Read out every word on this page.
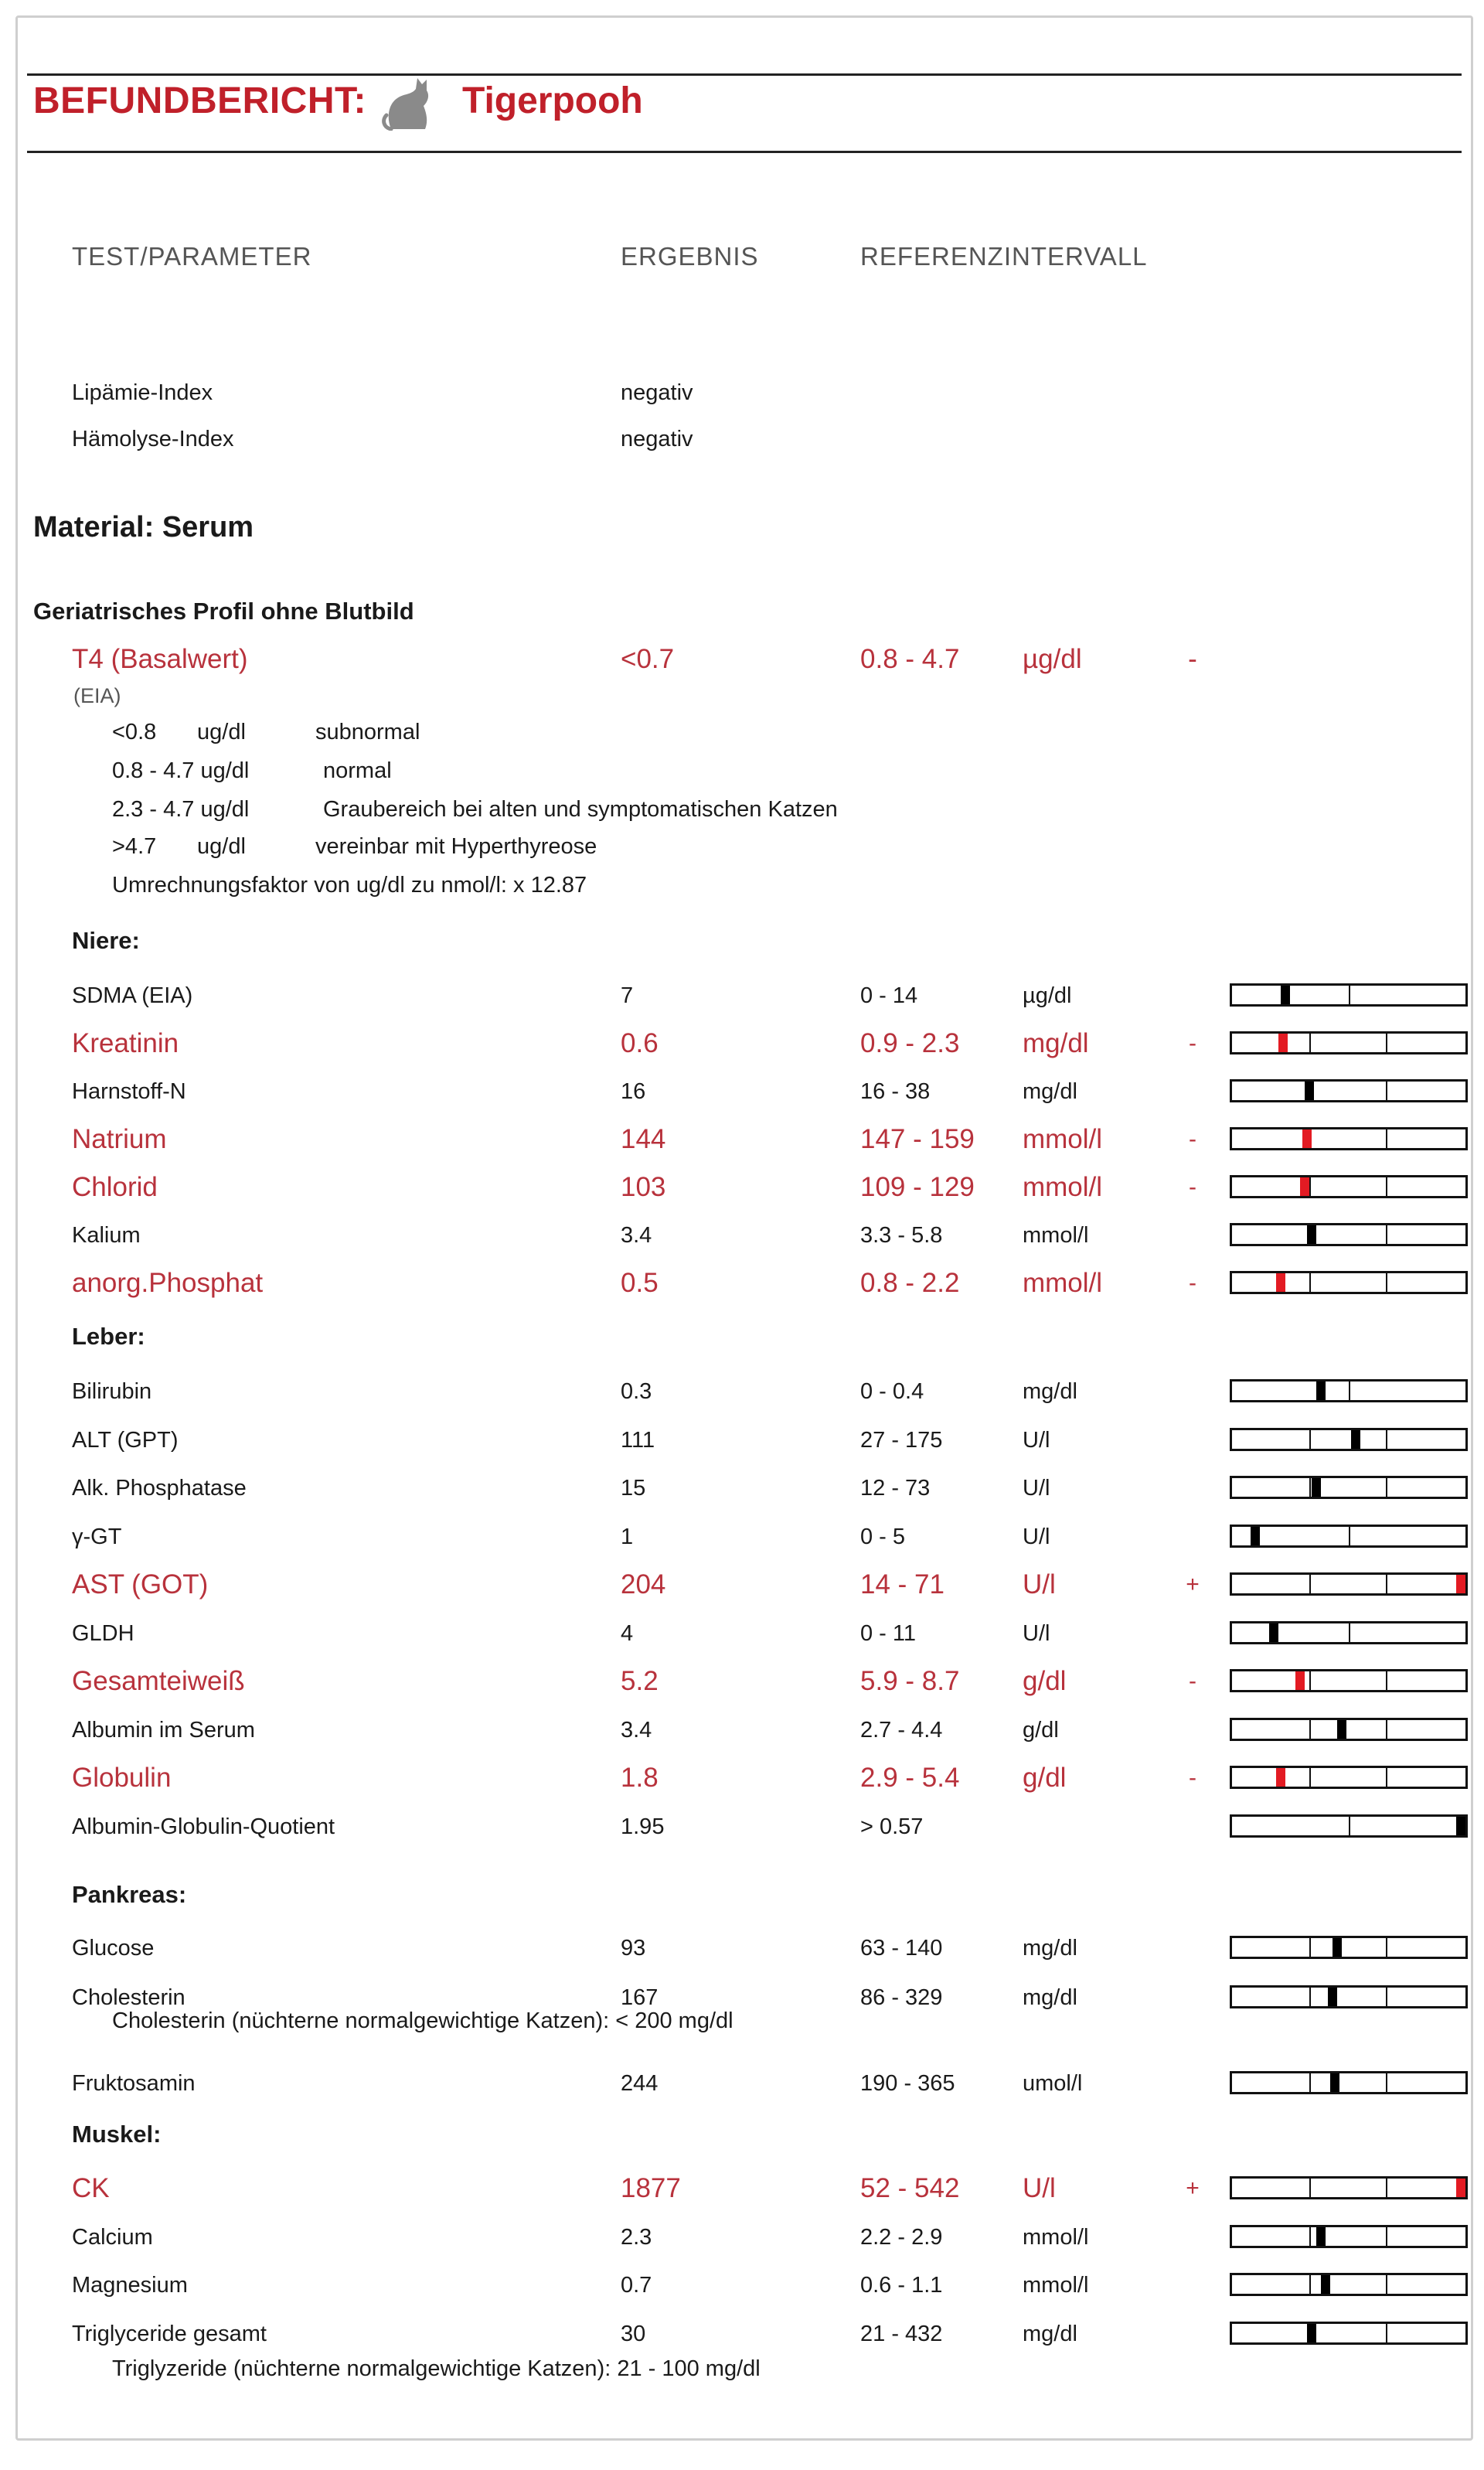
BEFUNDBERICHT:	Tigerpooh
TEST/PARAMETER	ERGEBNIS	REFERENZINTERVALL
Lipämie-Index	negativ
Hämolyse-Index	negativ
Material: Serum
Geriatrisches Profil ohne Blutbild
T4 (Basalwert)	<0.7	0.8 - 4.7 µg/dl	-
(EIA)
<0.8 ug/dl	subnormal
0.8 - 4.7 ug/dl	normal
2.3 - 4.7 ug/dl	Graubereich bei alten und symptomatischen Katzen
>4.7 ug/dl	vereinbar mit Hyperthyreose
Umrechnungsfaktor von ug/dl zu nmol/l: x 12.87
Niere:
SDMA (EIA)	7	0 - 14	µg/dl
Kreatinin	0.6	0.9 - 2.3 mg/dl	-
Harnstoff-N	16	16 - 38	mg/dl
Natrium	144	147 - 159 mmol/l	-
Chlorid	103	109 - 129 mmol/l	-
Kalium	3.4	3.3 - 5.8	mmol/l
anorg.Phosphat	0.5	0.8 - 2.2 mmol/l	-
Leber:
Bilirubin	0.3	0 - 0.4	mg/dl
ALT (GPT)	111	27 - 175	U/l
Alk. Phosphatase	15	12 - 73	U/l
γ-GT	1	0 - 5	U/l
AST (GOT)	204	14 - 71	U/l	+
GLDH	4	0 - 11	U/l
Gesamteiweiß	5.2	5.9 - 8.7 g/dl	-
Albumin im Serum	3.4	2.7 - 4.4	g/dl
Globulin	1.8	2.9 - 5.4 g/dl	-
Albumin-Globulin-Quotient	1.95	> 0.57
Pankreas:
Glucose	93	63 - 140	mg/dl
Cholesterin	167	86 - 329	mg/dl
Cholesterin (nüchterne normalgewichtige Katzen): < 200 mg/dl
Fruktosamin	244	190 - 365	umol/l
Muskel:
CK	1877	52 - 542 U/l	+
Calcium	2.3	2.2 - 2.9	mmol/l
Magnesium	0.7	0.6 - 1.1	mmol/l
Triglyceride gesamt	30	21 - 432	mg/dl
Triglyzeride (nüchterne normalgewichtige Katzen): 21 - 100 mg/dl
